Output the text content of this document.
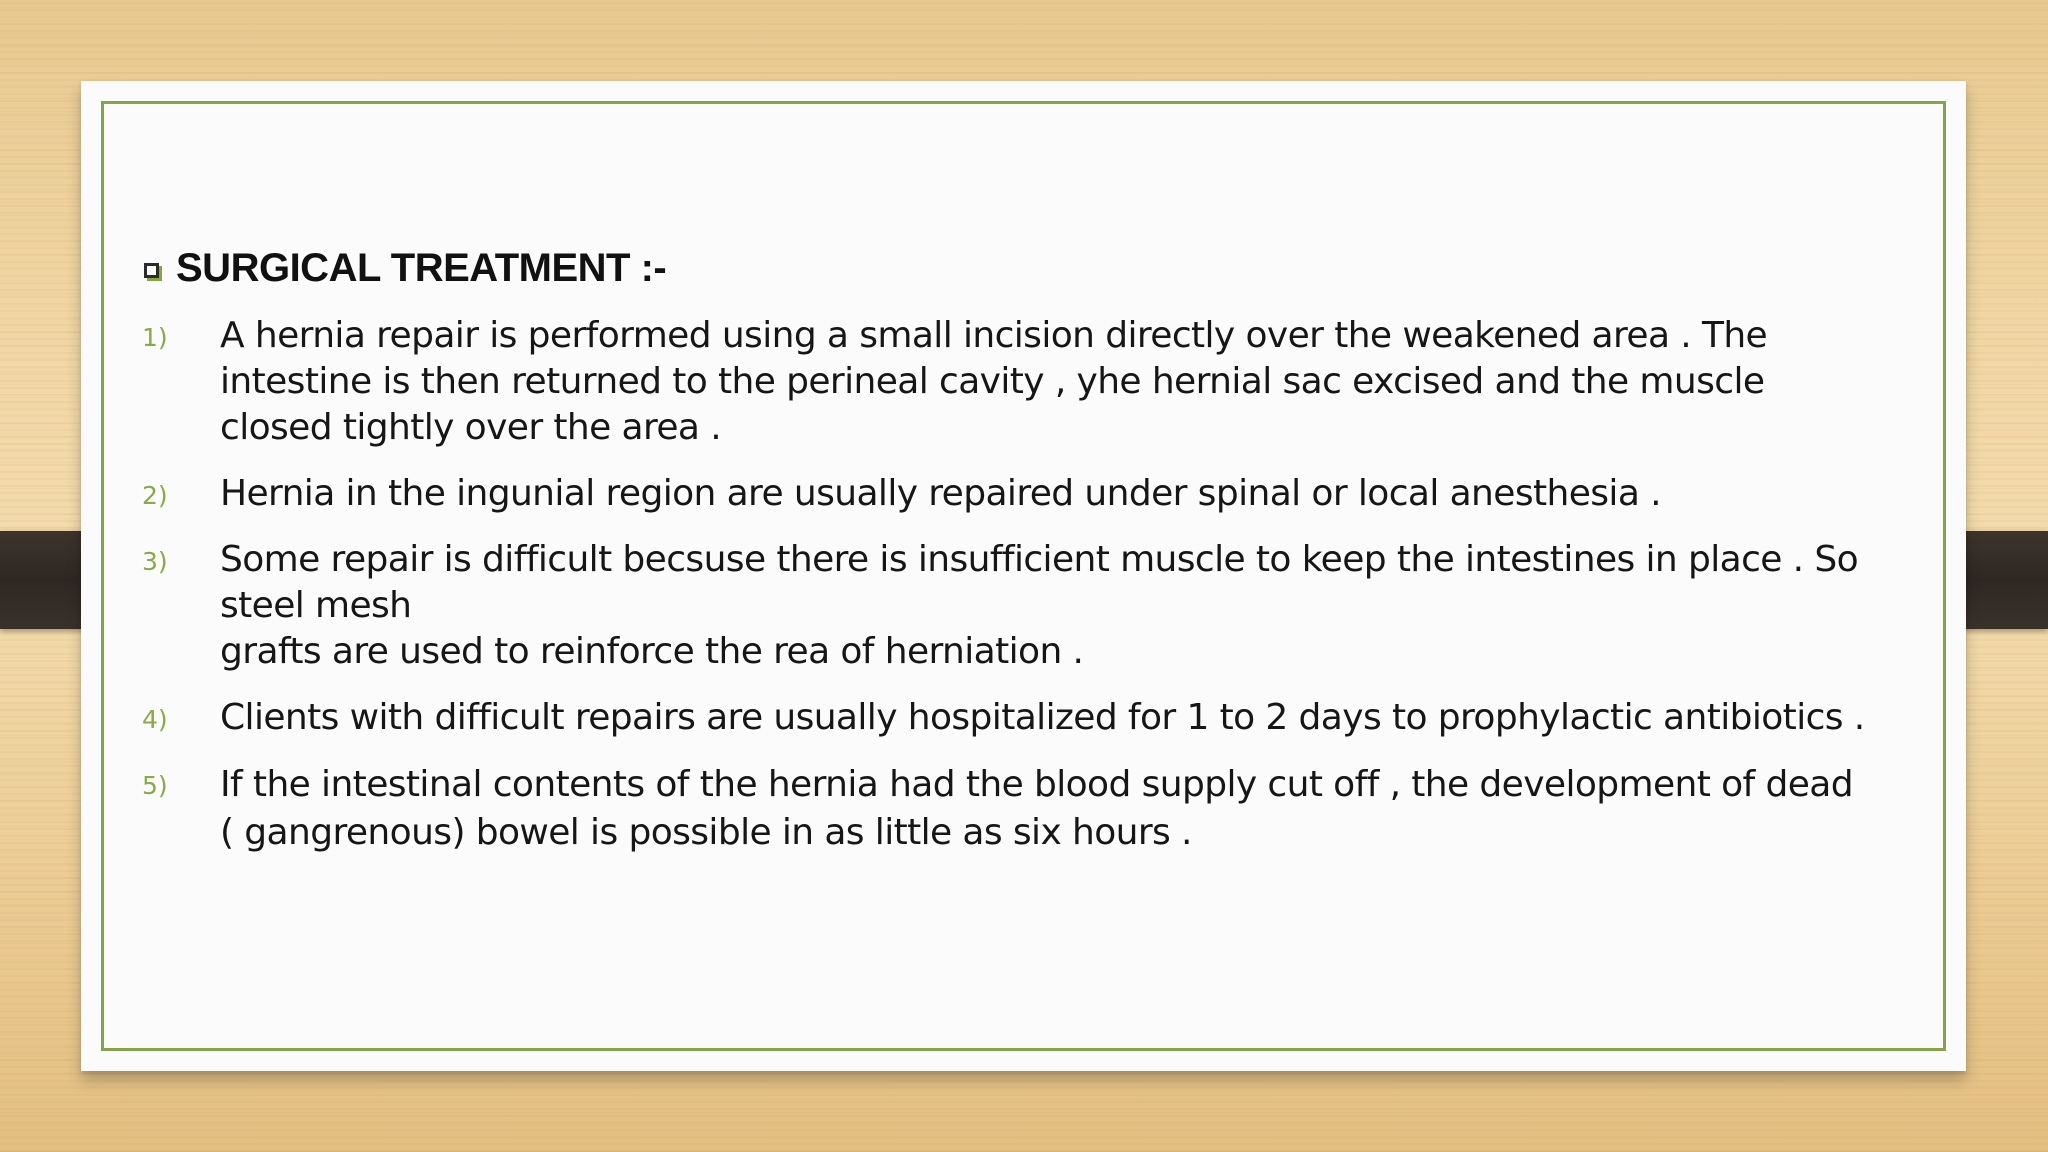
SURGICAL TREATMENT :-
1)	A hernia repair is performed using a small incision directly over the weakened area . The
intestine is then returned to the perineal cavity , yhe hernial sac excised and the muscle
closed tightly over the area .
2)	Hernia in the ingunial region are usually repaired under spinal or local anesthesia .
3)	Some repair is difficult becsuse there is insufficient muscle to keep the intestines in place . So
steel mesh
grafts are used to reinforce the rea of herniation .
4)	Clients with difficult repairs are usually hospitalized for 1 to 2 days to prophylactic antibiotics .
5)	If the intestinal contents of the hernia had the blood supply cut off , the development of dead
( gangrenous) bowel is possible in as little as six hours .
